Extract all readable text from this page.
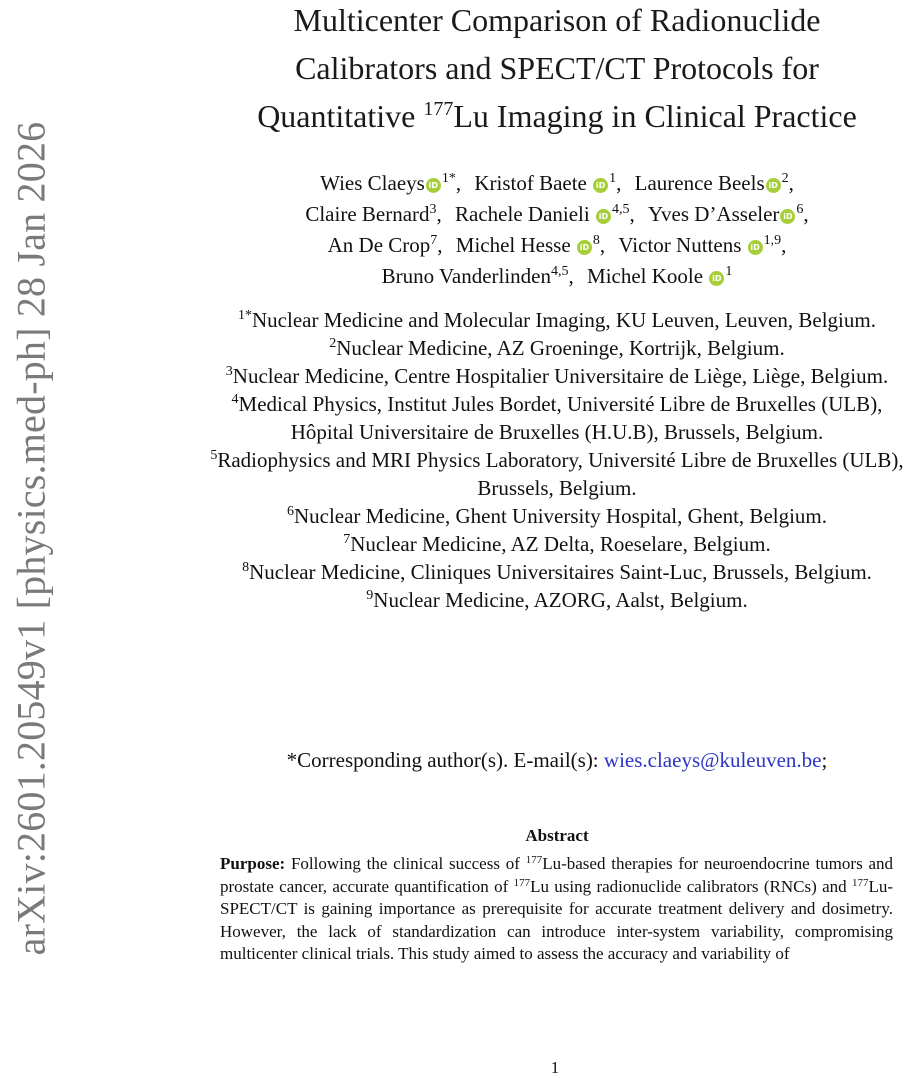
arXiv:2601.20549v1 [physics.med-ph] 28 Jan 2026
Multicenter Comparison of Radionuclide
Calibrators and SPECT/CT Protocols for
Quantitative $^{177}$Lu Imaging in Clinical Practice
Wies Claeys iD $^{1*}$, Kristof Baete iD $^1$, Laurence Beels iD $^2$,
Claire Bernard$^3$, Rachele Danieli iD $^{4,5}$, Yves D’Asseler iD $^6$,
An De Crop$^7$, Michel Hesse iD $^8$, Victor Nuttens iD $^{1,9}$,
Bruno Vanderlinden$^{4,5}$, Michel Koole iD $^1$
$^{1*}$Nuclear Medicine and Molecular Imaging, KU Leuven, Leuven, Belgium.
$^2$Nuclear Medicine, AZ Groeninge, Kortrijk, Belgium.
$^3$Nuclear Medicine, Centre Hospitalier Universitaire de Liège, Liège, Belgium.
$^4$Medical Physics, Institut Jules Bordet, Université Libre de Bruxelles (ULB), Hôpital Universitaire de Bruxelles (H.U.B), Brussels, Belgium.
$^5$Radiophysics and MRI Physics Laboratory, Université Libre de Bruxelles (ULB), Brussels, Belgium.
$^6$Nuclear Medicine, Ghent University Hospital, Ghent, Belgium.
$^7$Nuclear Medicine, AZ Delta, Roeselare, Belgium.
$^8$Nuclear Medicine, Cliniques Universitaires Saint-Luc, Brussels, Belgium.
$^9$Nuclear Medicine, AZORG, Aalst, Belgium.
*Corresponding author(s). E-mail(s): wies.claeys@kuleuven.be;
Abstract
Purpose: Following the clinical success of $^{177}$Lu-based therapies for neuroendocrine tumors and prostate cancer, accurate quantification of $^{177}$Lu using radionuclide calibrators (RNCs) and $^{177}$Lu-SPECT/CT is gaining importance as prerequisite for accurate treatment delivery and dosimetry. However, the lack of standardization can introduce inter-system variability, compromising multicenter clinical trials. This study aimed to assess the accuracy and variability of
1
